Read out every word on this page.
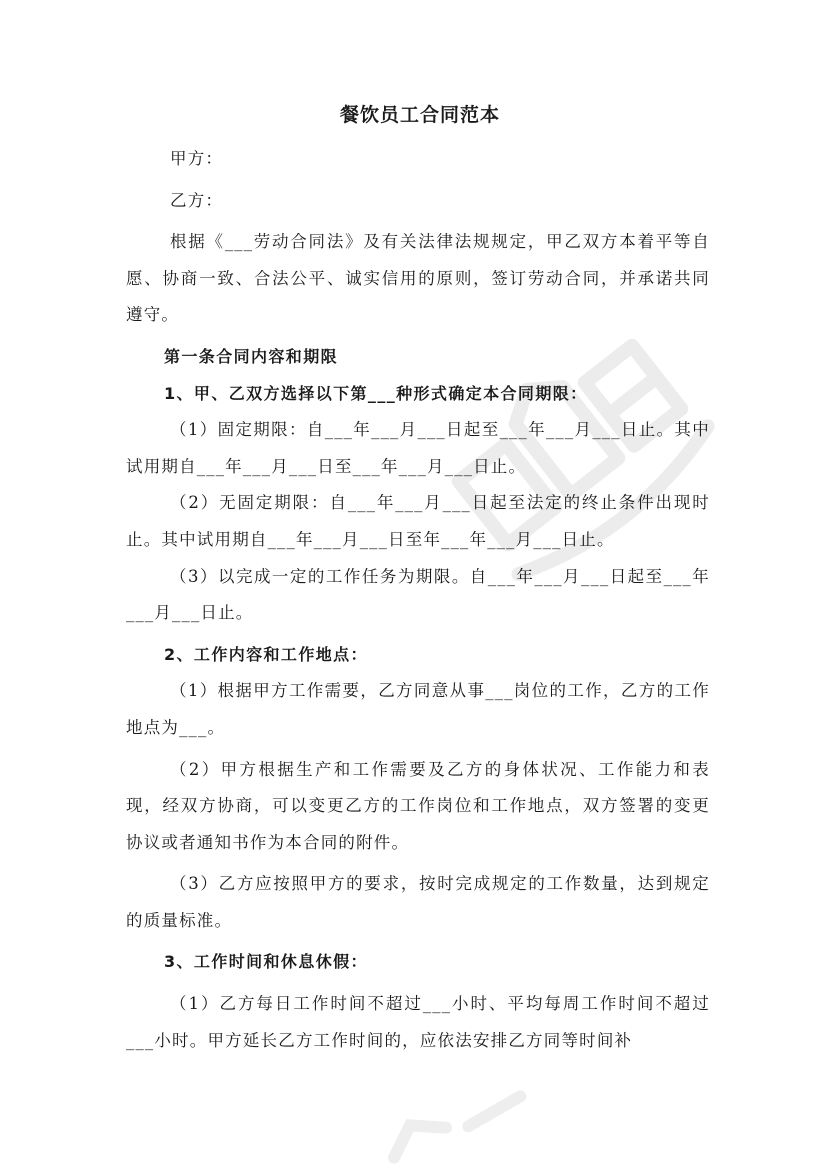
餐饮员工合同范本

甲方：

乙方：

根据《___劳动合同法》及有关法律法规规定，甲乙双方本着平等自愿、协商一致、合法公平、诚实信用的原则，签订劳动合同，并承诺共同遵守。

第一条合同内容和期限
1、甲、乙双方选择以下第___种形式确定本合同期限：

（1）固定期限：自___年___月___日起至___年___月___日止。其中试用期自___年___月___日至___年___月___日止。

（2）无固定期限：自___年___月___日起至法定的终止条件出现时止。其中试用期自___年___月___日至年___年___月___日止。

（3）以完成一定的工作任务为期限。自___年___月___日起至___年___月___日止。

2、工作内容和工作地点：

（1）根据甲方工作需要，乙方同意从事___岗位的工作，乙方的工作地点为___。

（2）甲方根据生产和工作需要及乙方的身体状况、工作能力和表现，经双方协商，可以变更乙方的工作岗位和工作地点，双方签署的变更协议或者通知书作为本合同的附件。

（3）乙方应按照甲方的要求，按时完成规定的工作数量，达到规定的质量标准。

3、工作时间和休息休假：

（1）乙方每日工作时间不超过___小时、平均每周工作时间不超过___小时。甲方延长乙方工作时间的，应依法安排乙方同等时间补
